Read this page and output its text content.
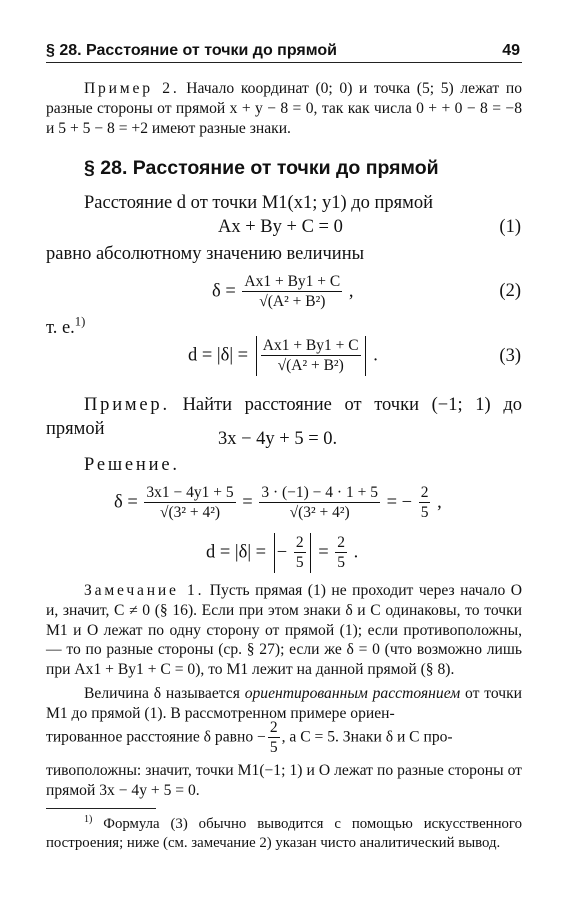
§ 28. Расстояние от точки до прямой	49

Пример 2. Начало координат (0; 0) и точка (5; 5) лежат по разные стороны от прямой x + y − 8 = 0, так как числа 0 + + 0 − 8 = −8 и 5 + 5 − 8 = +2 имеют разные знаки.

§ 28. Расстояние от точки до прямой

Расстояние d от точки M1(x1; y1) до прямой

Ax + By + C = 0	(1)

равно абсолютному значению величины

$\delta = \frac{Ax1 + By1 + C}{\text{√(A² + B²)}}$ ,	(2)
т. е.$^{1)}$
$d = |\delta| = \frac{Ax1 + By1 + C}{\text{√(A² + B²)}}$ .	(3)

Пример. Найти расстояние от точки (−1; 1) до прямой	3x − 4y + 5 = 0.
Решение.
$\delta = \frac{3x1 - 4y1 + 5}{\text{√(3² + 4²)}} = \frac{3 \cdot (-1) - 4 \cdot 1 + 5}{\text{√(3² + 4²)}}$ = − $\frac{2}{5}$ ,
d = |δ| = − $\frac{2}{5} = \frac{2}{5}$ .

Замечание 1. Пусть прямая (1) не проходит через начало O и, значит, C ≠ 0 (§ 16). Если при этом знаки δ и C одинаковы, то точки M1 и O лежат по одну сторону от прямой (1); если противоположны, — то по разные стороны (ср. § 27); если же δ = 0 (что возможно лишь при Ax1 + By1 + C = 0), то M1 лежит на данной прямой (§ 8).

Величина δ называется ориентированным расстоянием от точки M1 до прямой (1). В рассмотренном примере ориен-

тированное расстояние δ равно − $\frac{2}{5}$ , а C = 5. Знаки δ и C про-

тивоположны: значит, точки M1(−1; 1) и O лежат по разные стороны от прямой 3x − 4y + 5 = 0.

$^{1)}$ Формула (3) обычно выводится с помощью искусственного построения; ниже (см. замечание 2) указан чисто аналитический вывод.
